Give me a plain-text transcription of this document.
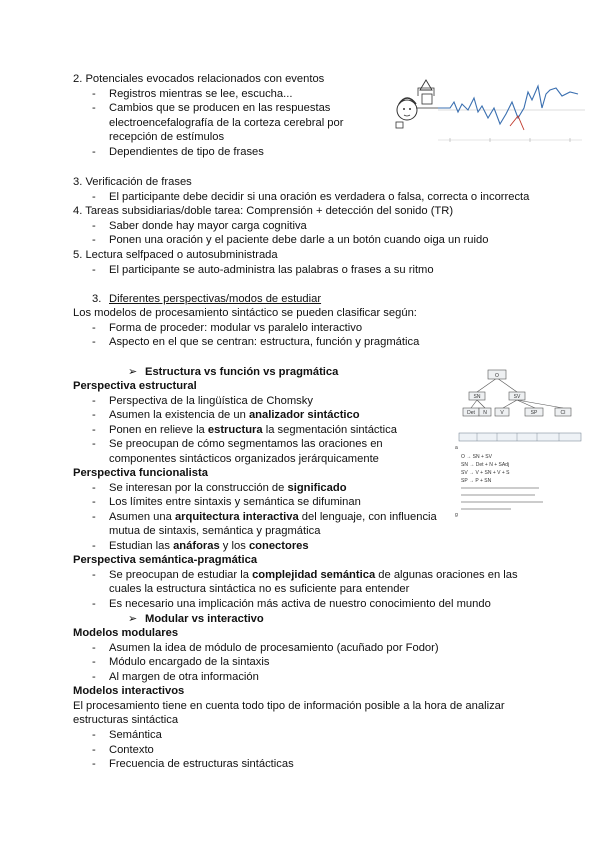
2. Potenciales evocados relacionados con eventos
- Registros mientras se lee, escucha...
- Cambios que se producen en las respuestas
electroencefalografía de la corteza cerebral por
recepción de estímulos
- Dependientes de tipo de frases
3. Verificación de frases
- El participante debe decidir si una oración es verdadera o falsa, correcta o incorrecta
4. Tareas subsidiarias/doble tarea: Comprensión + detección del sonido (TR)
- Saber donde hay mayor carga cognitiva
- Ponen una oración y el paciente debe darle a un botón cuando oiga un ruido
5. Lectura selfpaced o autosubministrada
- El participante se auto-administra las palabras o frases a su ritmo
3. Diferentes perspectivas/modos de estudiar
Los modelos de procesamiento sintáctico se pueden clasificar según:
- Forma de proceder: modular vs paralelo interactivo
- Aspecto en el que se centran: estructura, función y pragmática
➢ Estructura vs función vs pragmática
Perspectiva estructural
- Perspectiva de la lingüística de Chomsky
- Asumen la existencia de un analizador sintáctico
- Ponen en relieve la estructura la segmentación sintáctica
- Se preocupan de cómo segmentamos las oraciones en
componentes sintácticos organizados jerárquicamente
Perspectiva funcionalista
- Se interesan por la construcción de significado
- Los límites entre sintaxis y semántica se difuminan
- Asumen una arquitectura interactiva del lenguaje, con influencia
mutua de sintaxis, semántica y pragmática
- Estudian las anáforas y los conectores
Perspectiva semántica-pragmática
- Se preocupan de estudiar la complejidad semántica de algunas oraciones en las
cuales la estructura sintáctica no es suficiente para entender
- Es necesario una implicación más activa de nuestro conocimiento del mundo
➢ Modular vs interactivo
Modelos modulares
- Asumen la idea de módulo de procesamiento (acuñado por Fodor)
- Módulo encargado de la sintaxis
- Al margen de otra información
Modelos interactivos
El procesamiento tiene en cuenta todo tipo de información posible a la hora de analizar
estructuras sintáctica
- Semántica
- Contexto
- Frecuencia de estructuras sintácticas
O
SN	SV
Det N	V	SP	CI
a
g
O → SN + SV
SN → Det + N + SAdj
SV → V + SN + V + S
SP → P + SN
